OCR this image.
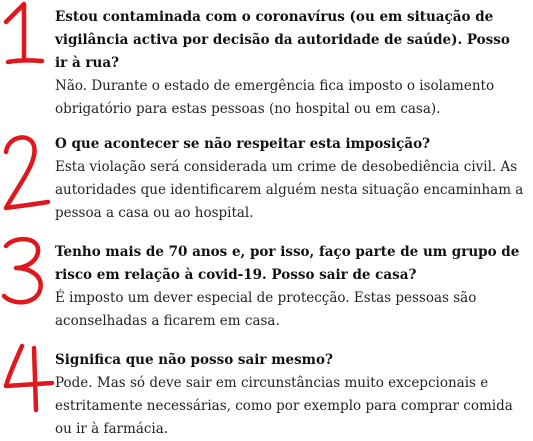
Estou contaminada com o coronavírus (ou em situação de vigilância activa por decisão da autoridade de saúde). Posso ir à rua?

Não. Durante o estado de emergência fica imposto o isolamento obrigatório para estas pessoas (no hospital ou em casa).

O que acontecer se não respeitar esta imposição?

Esta violação será considerada um crime de desobediência civil. As autoridades que identificarem alguém nesta situação encaminham a pessoa a casa ou ao hospital.

Tenho mais de 70 anos e, por isso, faço parte de um grupo de risco em relação à covid-19. Posso sair de casa?

É imposto um dever especial de protecção. Estas pessoas são aconselhadas a ficarem em casa.

Significa que não posso sair mesmo?

Pode. Mas só deve sair em circunstâncias muito excepcionais e estritamente necessárias, como por exemplo para comprar comida ou ir à farmácia.
